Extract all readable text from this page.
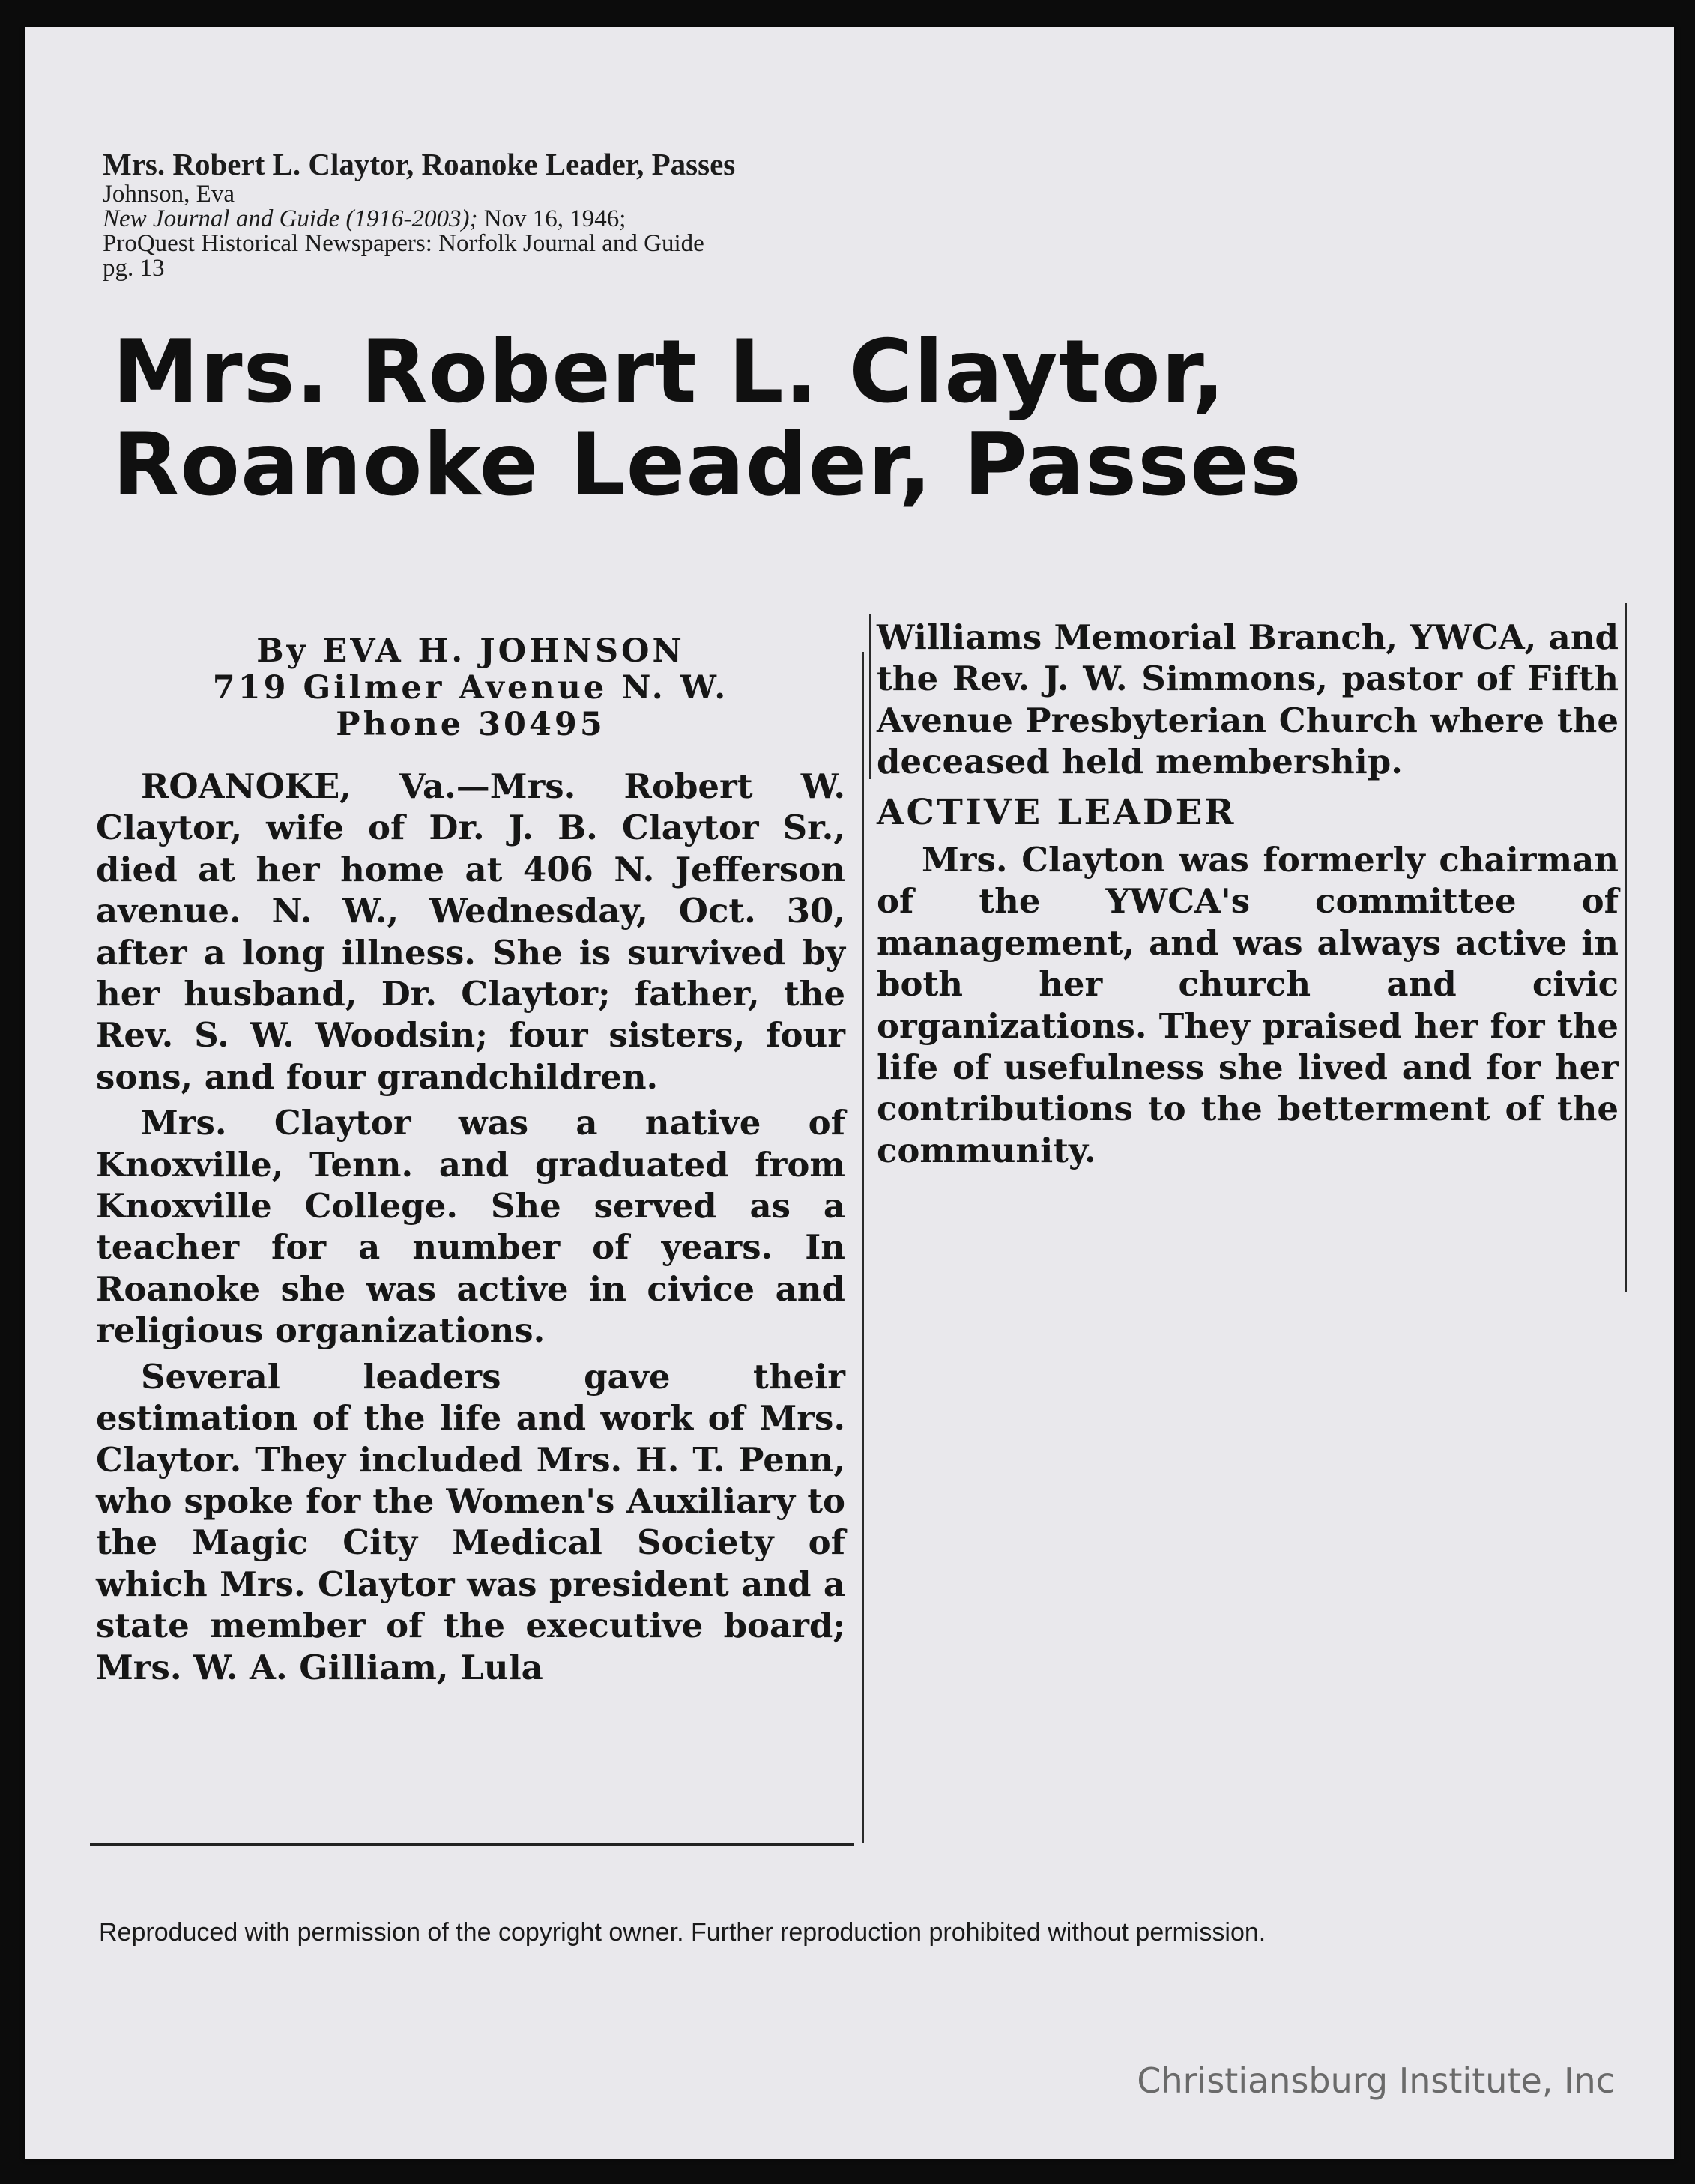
Mrs. Robert L. Claytor, Roanoke Leader, Passes
Johnson, Eva
New Journal and Guide (1916-2003); Nov 16, 1946;
ProQuest Historical Newspapers: Norfolk Journal and Guide
pg. 13
Mrs. Robert L. Claytor,
Roanoke Leader, Passes
By EVA H. JOHNSON
719 Gilmer Avenue N. W.
Phone 30495
ROANOKE, Va.—Mrs. Robert W. Claytor, wife of Dr. J. B. Claytor Sr., died at her home at 406 N. Jefferson avenue. N. W., Wednesday, Oct. 30, after a long illness. She is survived by her husband, Dr. Claytor; father, the Rev. S. W. Woodsin; four sisters, four sons, and four grandchildren.
Mrs. Claytor was a native of Knoxville, Tenn. and graduated from Knoxville College. She served as a teacher for a number of years. In Roanoke she was active in civice and religious organizations.
Several leaders gave their estimation of the life and work of Mrs. Claytor. They included Mrs. H. T. Penn, who spoke for the Women's Auxiliary to the Magic City Medical Society of which Mrs. Claytor was president and a state member of the executive board; Mrs. W. A. Gilliam, Lula
Williams Memorial Branch, YWCA, and the Rev. J. W. Simmons, pastor of Fifth Avenue Presbyterian Church where the deceased held membership.
ACTIVE LEADER
Mrs. Clayton was formerly chairman of the YWCA's committee of management, and was always active in both her church and civic organizations. They praised her for the life of usefulness she lived and for her contributions to the betterment of the community.
Reproduced with permission of the copyright owner. Further reproduction prohibited without permission.
Christiansburg Institute, Inc
